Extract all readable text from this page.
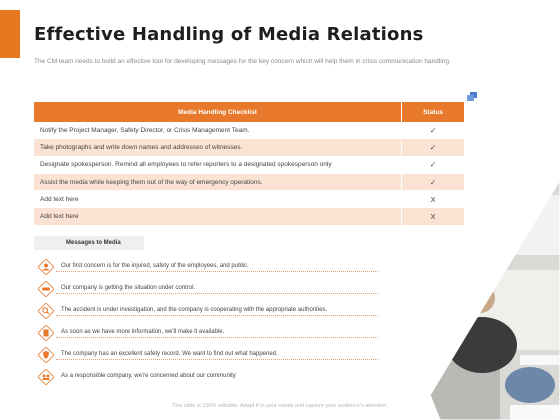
Effective Handling of Media Relations
The CM team needs to build an effective tool for developing messages for the key concern which will help them in crisis communication handling.
Media Handling Checklist	Status
Notify the Project Manager, Safety Director, or Crisis Management Team.	✓
Take photographs and write down names and addresses of witnesses.	✓
Designate spokesperson. Remind all employees to refer reporters to a designated spokesperson only	✓
Assist the media while keeping them out of the way of emergency operations.	✓
Add text here	X
Add text here	X
Messages to Media
Our first concern is for the injured, safety of the employees, and public.
Our company is getting the situation under control.
The accident is under investigation, and the company is cooperating with the appropriate authorities.
As soon as we have more information, we'll make it available.
The company has an excellent safety record. We want to find out what happened.
As a responsible company, we're concerned about our community
This slide is 100% editable. Adapt it to your needs and capture your audience's attention.
